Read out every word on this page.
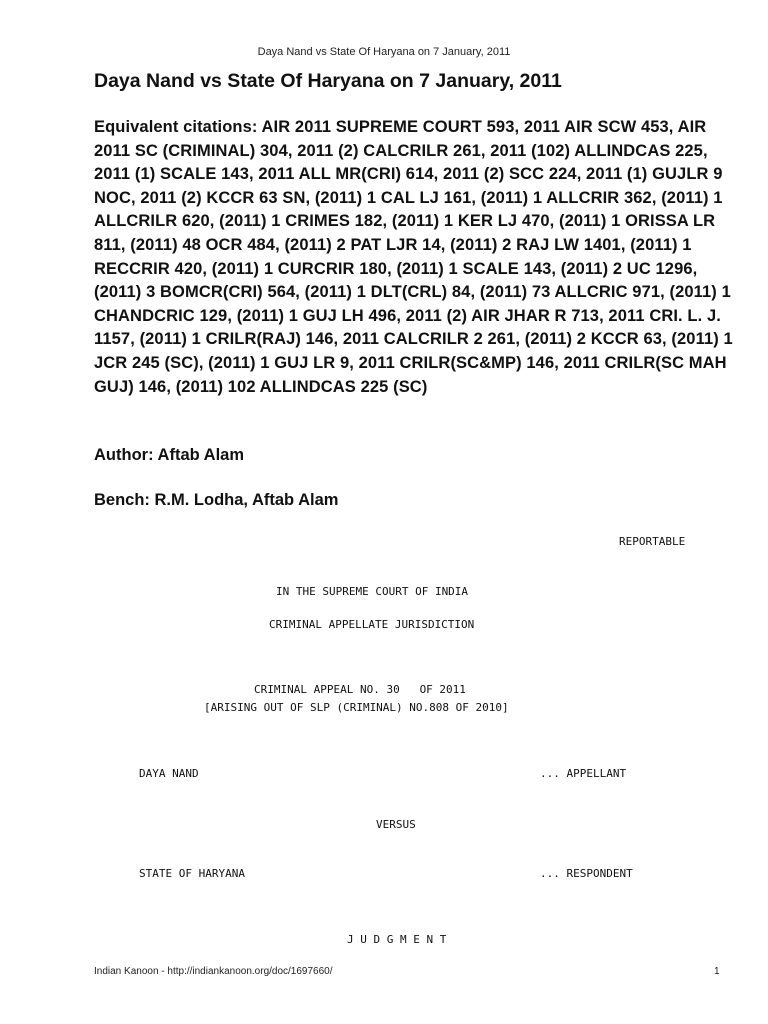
Daya Nand vs State Of Haryana on 7 January, 2011
Daya Nand vs State Of Haryana on 7 January, 2011

Equivalent citations: AIR 2011 SUPREME COURT 593, 2011 AIR SCW 453, AIR 2011 SC (CRIMINAL) 304, 2011 (2) CALCRILR 261, 2011 (102) ALLINDCAS 225, 2011 (1) SCALE 143, 2011 ALL MR(CRI) 614, 2011 (2) SCC 224, 2011 (1) GUJLR 9 NOC, 2011 (2) KCCR 63 SN, (2011) 1 CAL LJ 161, (2011) 1 ALLCRIR 362, (2011) 1 ALLCRILR 620, (2011) 1 CRIMES 182, (2011) 1 KER LJ 470, (2011) 1 ORISSA LR 811, (2011) 48 OCR 484, (2011) 2 PAT LJR 14, (2011) 2 RAJ LW 1401, (2011) 1 RECCRIR 420, (2011) 1 CURCRIR 180, (2011) 1 SCALE 143, (2011) 2 UC 1296, (2011) 3 BOMCR(CRI) 564, (2011) 1 DLT(CRL) 84, (2011) 73 ALLCRIC 971, (2011) 1 CHANDCRIC 129, (2011) 1 GUJ LH 496, 2011 (2) AIR JHAR R 713, 2011 CRI. L. J. 1157, (2011) 1 CRILR(RAJ) 146, 2011 CALCRILR 2 261, (2011) 2 KCCR 63, (2011) 1 JCR 245 (SC), (2011) 1 GUJ LR 9, 2011 CRILR(SC&MP) 146, 2011 CRILR(SC MAH GUJ) 146, (2011) 102 ALLINDCAS 225 (SC)

Author: Aftab Alam

Bench: R.M. Lodha, Aftab Alam

REPORTABLE
IN THE SUPREME COURT OF INDIA
CRIMINAL APPELLATE JURISDICTION
CRIMINAL APPEAL NO. 30   OF 2011
[ARISING OUT OF SLP (CRIMINAL) NO.808 OF 2010]
DAYA NAND	... APPELLANT
VERSUS
STATE OF HARYANA	... RESPONDENT
J U D G M E N T
Indian Kanoon - http://indiankanoon.org/doc/1697660/	1
